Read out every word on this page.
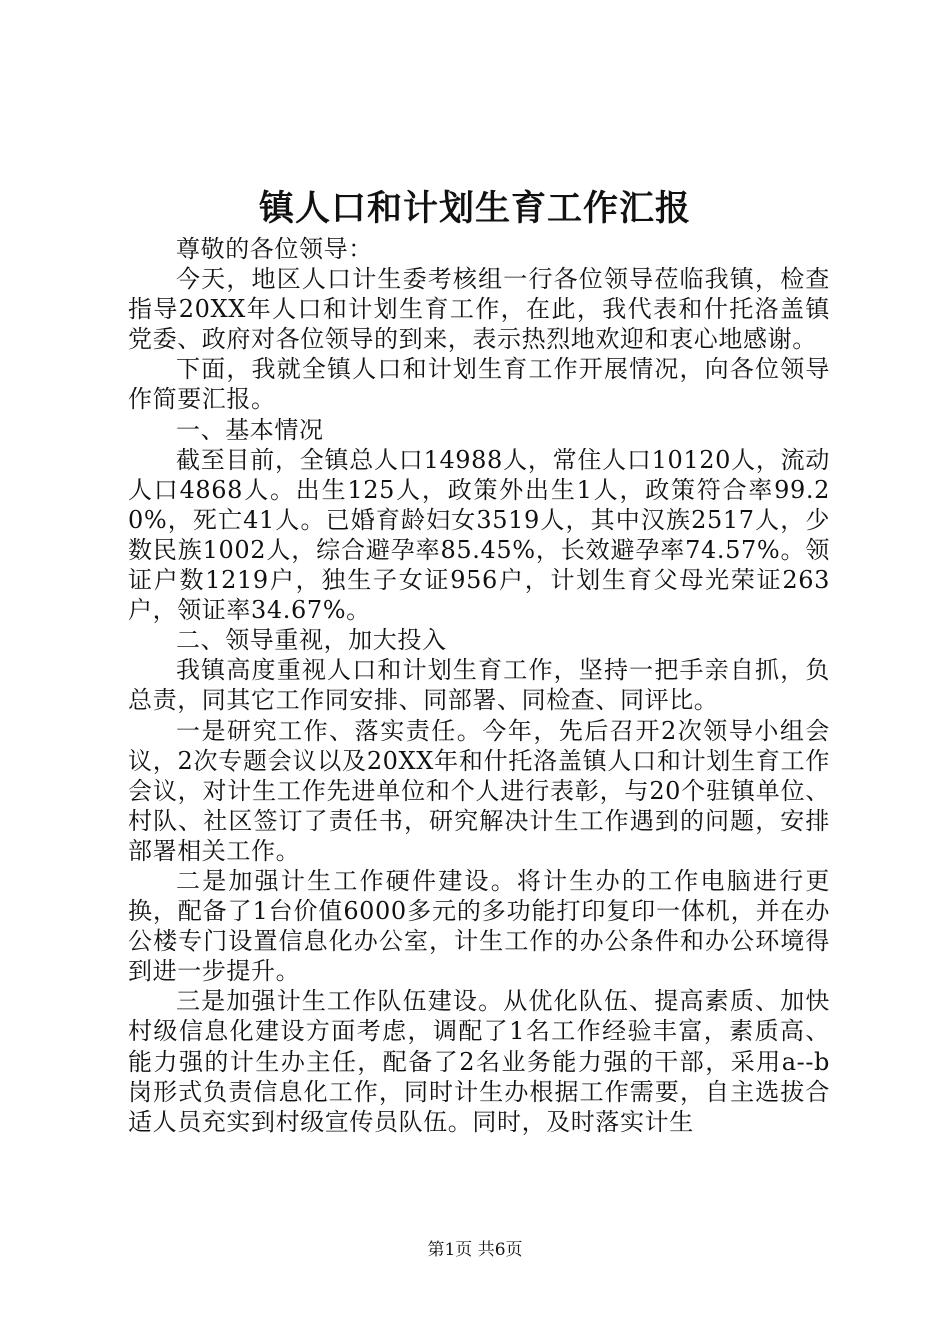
镇人口和计划生育工作汇报

尊敬的各位领导：

今天，地区人口计生委考核组一行各位领导莅临我镇，检查指导20XX年人口和计划生育工作，在此，我代表和什托洛盖镇党委、政府对各位领导的到来，表示热烈地欢迎和衷心地感谢。

下面，我就全镇人口和计划生育工作开展情况，向各位领导作简要汇报。

一、基本情况

截至目前，全镇总人口14988人，常住人口10120人，流动人口4868人。出生125人，政策外出生1人，政策符合率99.20%，死亡41人。已婚育龄妇女3519人，其中汉族2517人，少数民族1002人，综合避孕率85.45%，长效避孕率74.57%。领证户数1219户，独生子女证956户，计划生育父母光荣证263户，领证率34.67%。

二、领导重视，加大投入

我镇高度重视人口和计划生育工作，坚持一把手亲自抓，负总责，同其它工作同安排、同部署、同检查、同评比。

一是研究工作、落实责任。今年，先后召开2次领导小组会议，2次专题会议以及20XX年和什托洛盖镇人口和计划生育工作会议，对计生工作先进单位和个人进行表彰，与20个驻镇单位、村队、社区签订了责任书，研究解决计生工作遇到的问题，安排部署相关工作。

二是加强计生工作硬件建设。将计生办的工作电脑进行更换，配备了1台价值6000多元的多功能打印复印一体机，并在办公楼专门设置信息化办公室，计生工作的办公条件和办公环境得到进一步提升。

三是加强计生工作队伍建设。从优化队伍、提高素质、加快村级信息化建设方面考虑，调配了1名工作经验丰富，素质高、能力强的计生办主任，配备了2名业务能力强的干部，采用a--b岗形式负责信息化工作，同时计生办根据工作需要，自主选拔合适人员充实到村级宣传员队伍。同时，及时落实计生

第1页 共6页
